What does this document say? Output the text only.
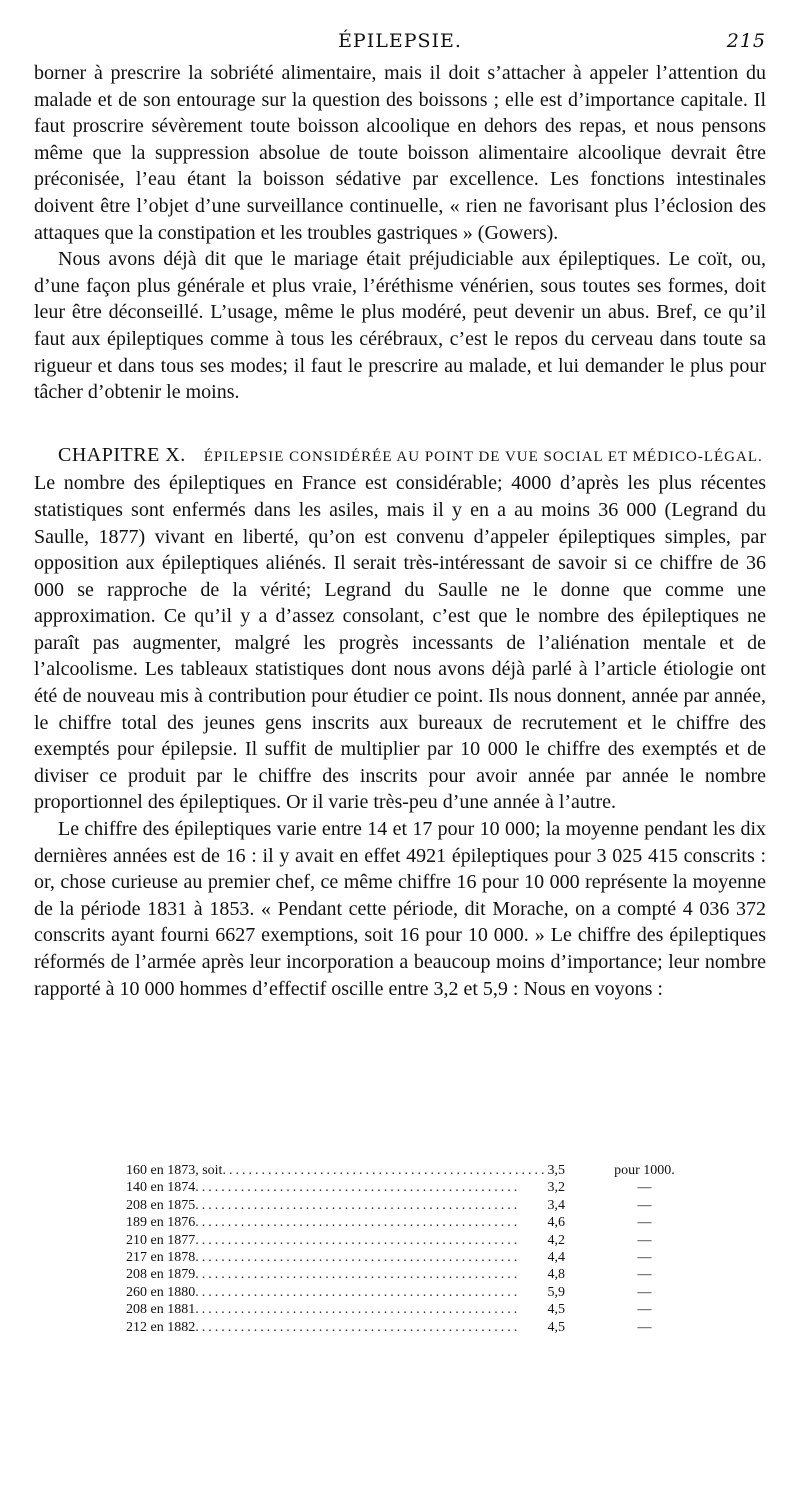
ÉPILEPSIE.	215

borner à prescrire la sobriété alimentaire, mais il doit s’attacher à appeler l’attention du malade et de son entourage sur la question des boissons ; elle est d’importance capitale. Il faut proscrire sévèrement toute boisson alcoolique en dehors des repas, et nous pensons même que la suppression absolue de toute boisson alimentaire alcoolique devrait être préconisée, l’eau étant la boisson sédative par excellence. Les fonctions intestinales doivent être l’objet d’une surveillance continuelle, « rien ne favorisant plus l’éclosion des attaques que la constipation et les troubles gastriques » (Gowers).

Nous avons déjà dit que le mariage était préjudiciable aux épileptiques. Le coït, ou, d’une façon plus générale et plus vraie, l’éréthisme vénérien, sous toutes ses formes, doit leur être déconseillé. L’usage, même le plus modéré, peut devenir un abus. Bref, ce qu’il faut aux épileptiques comme à tous les cérébraux, c’est le repos du cerveau dans toute sa rigueur et dans tous ses modes; il faut le prescrire au malade, et lui demander le plus pour tâcher d’obtenir le moins.

CHAPITRE X. ÉPILEPSIE CONSIDÉRÉE AU POINT DE VUE SOCIAL ET MÉDICO-LÉGAL.

Le nombre des épileptiques en France est considérable; 4000 d’après les plus récentes statistiques sont enfermés dans les asiles, mais il y en a au moins 36 000 (Legrand du Saulle, 1877) vivant en liberté, qu’on est convenu d’appeler épileptiques simples, par opposition aux épileptiques aliénés. Il serait très-intéressant de savoir si ce chiffre de 36 000 se rapproche de la vérité; Legrand du Saulle ne le donne que comme une approximation. Ce qu’il y a d’assez consolant, c’est que le nombre des épileptiques ne paraît pas augmenter, malgré les progrès incessants de l’aliénation mentale et de l’alcoolisme. Les tableaux statistiques dont nous avons déjà parlé à l’article étiologie ont été de nouveau mis à contribution pour étudier ce point. Ils nous donnent, année par année, le chiffre total des jeunes gens inscrits aux bureaux de recrutement et le chiffre des exemptés pour épilepsie. Il suffit de multiplier par 10 000 le chiffre des exemptés et de diviser ce produit par le chiffre des inscrits pour avoir année par année le nombre proportionnel des épileptiques. Or il varie très-peu d’une année à l’autre.

Le chiffre des épileptiques varie entre 14 et 17 pour 10 000; la moyenne pendant les dix dernières années est de 16 : il y avait en effet 4921 épileptiques pour 3 025 415 conscrits : or, chose curieuse au premier chef, ce même chiffre 16 pour 10 000 représente la moyenne de la période 1831 à 1853. « Pendant cette période, dit Morache, on a compté 4 036 372 conscrits ayant fourni 6627 exemptions, soit 16 pour 10 000. » Le chiffre des épileptiques réformés de l’armée après leur incorporation a beaucoup moins d’importance; leur nombre rapporté à 10 000 hommes d’effectif oscille entre 3,2 et 5,9 : Nous en voyons :

160 en 1873, soit..................................................	3,5	pour 1000.
140 en 1874..................................................	3,2	—
208 en 1875..................................................	3,4	—
189 en 1876..................................................	4,6	—
210 en 1877..................................................	4,2	—
217 en 1878..................................................	4,4	—
208 en 1879..................................................	4,8	—
260 en 1880..................................................	5,9	—
208 en 1881..................................................	4,5	—
212 en 1882..................................................	4,5	—
